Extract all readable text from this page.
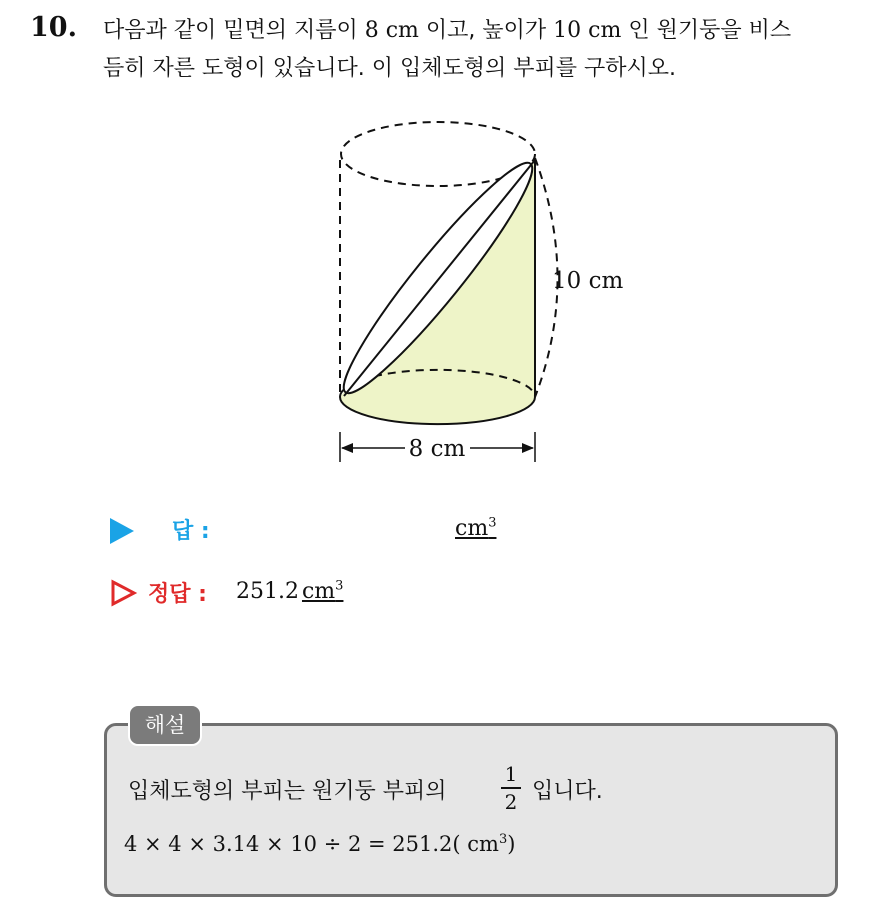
10. 다음과 같이 밑면의 지름이 8 cm 이고, 높이가 10 cm 인 원기둥을 비스
듬히 자른 도형이 있습니다. 이 입체도형의 부피를 구하시오.
10 cm
8 cm
답 :	$cm^3$
정답 : 251.2 $cm^3$
해설
입체도형의 부피는 원기둥 부피의
1
2 입니다.
4 × 4 × 3.14 × 10 ÷ 2 = 251.2( $cm^3$)
